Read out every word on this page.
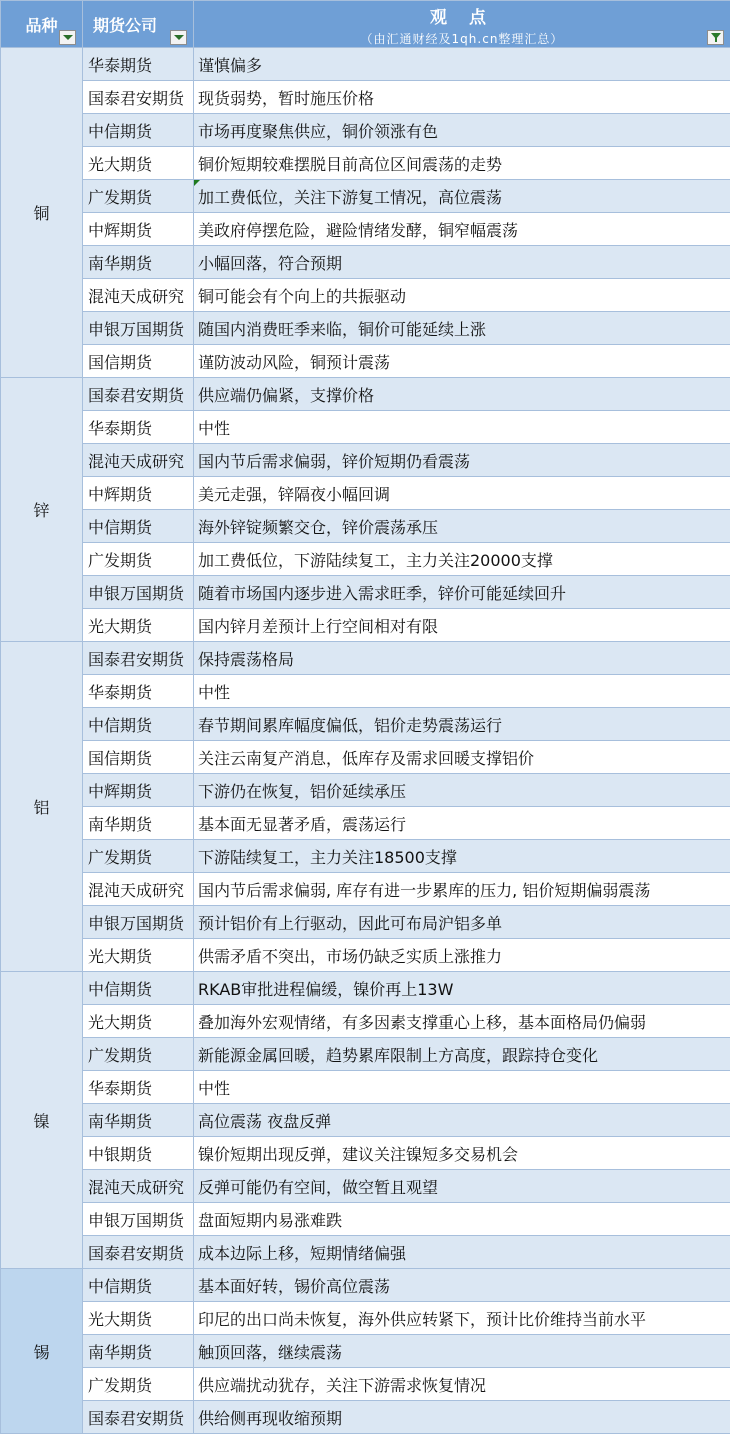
品种	期货公司	观 点
（由汇通财经及1qh.cn整理汇总）

铜	华泰期货	谨慎偏多
	国泰君安期货	现货弱势，暂时施压价格
	中信期货	市场再度聚焦供应，铜价领涨有色
	光大期货	铜价短期较难摆脱目前高位区间震荡的走势
	广发期货	加工费低位，关注下游复工情况，高位震荡
	中辉期货	美政府停摆危险，避险情绪发酵，铜窄幅震荡
	南华期货	小幅回落，符合预期
	混沌天成研究	铜可能会有个向上的共振驱动
	申银万国期货	随国内消费旺季来临，铜价可能延续上涨
	国信期货	谨防波动风险，铜预计震荡
锌	国泰君安期货	供应端仍偏紧，支撑价格
	华泰期货	中性
	混沌天成研究	国内节后需求偏弱，锌价短期仍看震荡
	中辉期货	美元走强，锌隔夜小幅回调
	中信期货	海外锌锭频繁交仓，锌价震荡承压
	广发期货	加工费低位，下游陆续复工，主力关注20000支撑
	申银万国期货	随着市场国内逐步进入需求旺季，锌价可能延续回升
	光大期货	国内锌月差预计上行空间相对有限
铝	国泰君安期货	保持震荡格局
	华泰期货	中性
	中信期货	春节期间累库幅度偏低，铝价走势震荡运行
	国信期货	关注云南复产消息，低库存及需求回暖支撑铝价
	中辉期货	下游仍在恢复，铝价延续承压
	南华期货	基本面无显著矛盾，震荡运行
	广发期货	下游陆续复工，主力关注18500支撑
	混沌天成研究	国内节后需求偏弱, 库存有进一步累库的压力, 铝价短期偏弱震荡
	申银万国期货	预计铝价有上行驱动，因此可布局沪铝多单
	光大期货	供需矛盾不突出，市场仍缺乏实质上涨推力
镍	中信期货	RKAB审批进程偏缓，镍价再上13W
	光大期货	叠加海外宏观情绪，有多因素支撑重心上移，基本面格局仍偏弱
	广发期货	新能源金属回暖，趋势累库限制上方高度，跟踪持仓变化
	华泰期货	中性
	南华期货	高位震荡 夜盘反弹
	中银期货	镍价短期出现反弹，建议关注镍短多交易机会
	混沌天成研究	反弹可能仍有空间，做空暂且观望
	申银万国期货	盘面短期内易涨难跌
	国泰君安期货	成本边际上移，短期情绪偏强
锡	中信期货	基本面好转，锡价高位震荡
	光大期货	印尼的出口尚未恢复，海外供应转紧下，预计比价维持当前水平
	南华期货	触顶回落，继续震荡
	广发期货	供应端扰动犹存，关注下游需求恢复情况
	国泰君安期货	供给侧再现收缩预期
